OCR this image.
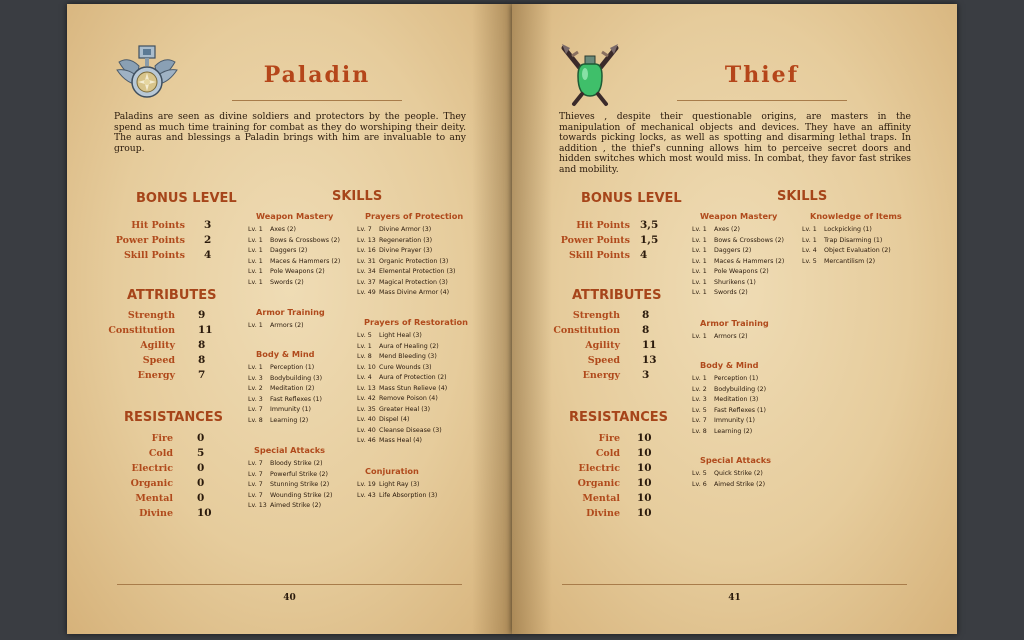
Paladin

Paladins are seen as divine soldiers and protectors by the people. They spend as much time training for combat as they do worshiping their deity. The auras and blessings a Paladin brings with him are invaluable to any group.

BONUS LEVEL
Hit Points 3
Power Points 2
Skill Points 4
ATTRIBUTES
Strength 9
Constitution 11
Agility 8
Speed 8
Energy 7
RESISTANCES
Fire 0
Cold 5
Electric 0
Organic 0
Mental 0
Divine 10
SKILLS
Weapon Mastery
Lv. 1 Axes (2)
Lv. 1 Bows & Crossbows (2)
Lv. 1 Daggers (2)
Lv. 1 Maces & Hammers (2)
Lv. 1 Pole Weapons (2)
Lv. 1 Swords (2)
Armor Training
Lv. 1 Armors (2)
Body & Mind
Lv. 1 Perception (1)
Lv. 3 Bodybuilding (3)
Lv. 2 Meditation (2)
Lv. 3 Fast Reflexes (1)
Lv. 7 Immunity (1)
Lv. 8 Learning (2)
Special Attacks
Lv. 7 Bloody Strike (2)
Lv. 7 Powerful Strike (2)
Lv. 7 Stunning Strike (2)
Lv. 7 Wounding Strike (2)
Lv. 13 Aimed Strike (2)
Prayers of Protection
Lv. 7 Divine Armor (3)
Lv. 13 Regeneration (3)
Lv. 16 Divine Prayer (3)
Lv. 31 Organic Protection (3)
Lv. 34 Elemental Protection (3)
Lv. 37 Magical Protection (3)
Lv. 49 Mass Divine Armor (4)
Prayers of Restoration
Lv. 5 Light Heal (3)
Lv. 1 Aura of Healing (2)
Lv. 8 Mend Bleeding (3)
Lv. 10 Cure Wounds (3)
Lv. 4 Aura of Protection (2)
Lv. 13 Mass Stun Relieve (4)
Lv. 42 Remove Poison (4)
Lv. 35 Greater Heal (3)
Lv. 40 Dispel (4)
Lv. 40 Cleanse Disease (3)
Lv. 46 Mass Heal (4)
Conjuration
Lv. 19 Light Ray (3)
Lv. 43 Life Absorption (3)
40
Thief

Thieves , despite their questionable origins, are masters in the manipulation of mechanical objects and devices. They have an affinity towards picking locks, as well as spotting and disarming lethal traps. In addition , the thief's cunning allows him to perceive secret doors and hidden switches which most would miss. In combat, they favor fast strikes and mobility.

BONUS LEVEL
Hit Points 3,5
Power Points 1,5
Skill Points 4
ATTRIBUTES
Strength 8
Constitution 8
Agility 11
Speed 13
Energy 3
RESISTANCES
Fire 10
Cold 10
Electric 10
Organic 10
Mental 10
Divine 10
SKILLS
Weapon Mastery
Lv. 1 Axes (2)
Lv. 1 Bows & Crossbows (2)
Lv. 1 Daggers (2)
Lv. 1 Maces & Hammers (2)
Lv. 1 Pole Weapons (2)
Lv. 1 Shurikens (1)
Lv. 1 Swords (2)
Armor Training
Lv. 1 Armors (2)
Body & Mind
Lv. 1 Perception (1)
Lv. 2 Bodybuilding (2)
Lv. 3 Meditation (3)
Lv. 5 Fast Reflexes (1)
Lv. 7 Immunity (1)
Lv. 8 Learning (2)
Special Attacks
Lv. 5 Quick Strike (2)
Lv. 6 Aimed Strike (2)
Knowledge of Items
Lv. 1 Lockpicking (1)
Lv. 1 Trap Disarming (1)
Lv. 4 Object Evaluation (2)
Lv. 5 Mercantilism (2)
41
